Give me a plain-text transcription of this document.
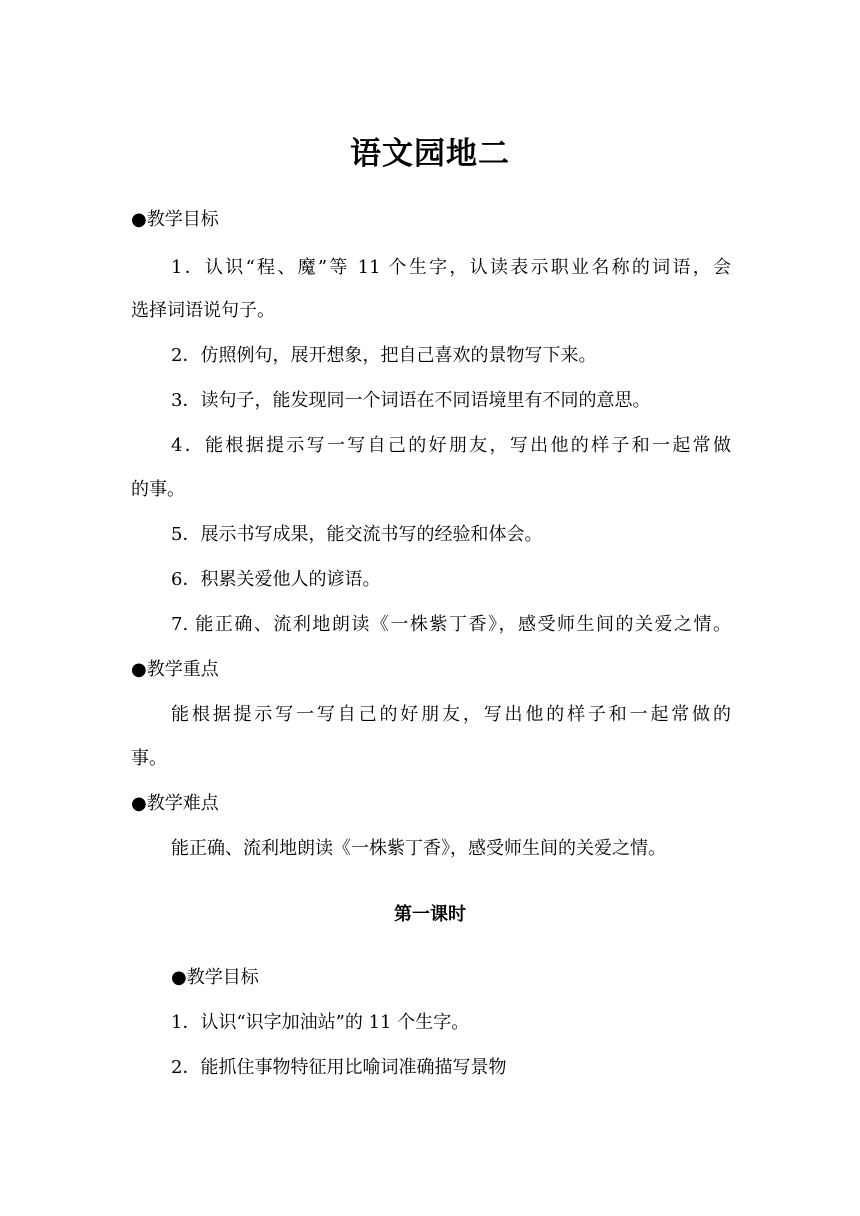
语文园地二
●教学目标
1．认识“程、魔”等 11 个生字，认读表示职业名称的词语，会
选择词语说句子。
2．仿照例句，展开想象，把自己喜欢的景物写下来。
3．读句子，能发现同一个词语在不同语境里有不同的意思。
4．能根据提示写一写自己的好朋友，写出他的样子和一起常做
的事。
5．展示书写成果，能交流书写的经验和体会。
6．积累关爱他人的谚语。
7. 能正确、流利地朗读《一株紫丁香》，感受师生间的关爱之情。
●教学重点
能根据提示写一写自己的好朋友，写出他的样子和一起常做的
事。
●教学难点
能正确、流利地朗读《一株紫丁香》，感受师生间的关爱之情。
第一课时
●教学目标
1．认识“识字加油站”的 11 个生字。
2．能抓住事物特征用比喻词准确描写景物
